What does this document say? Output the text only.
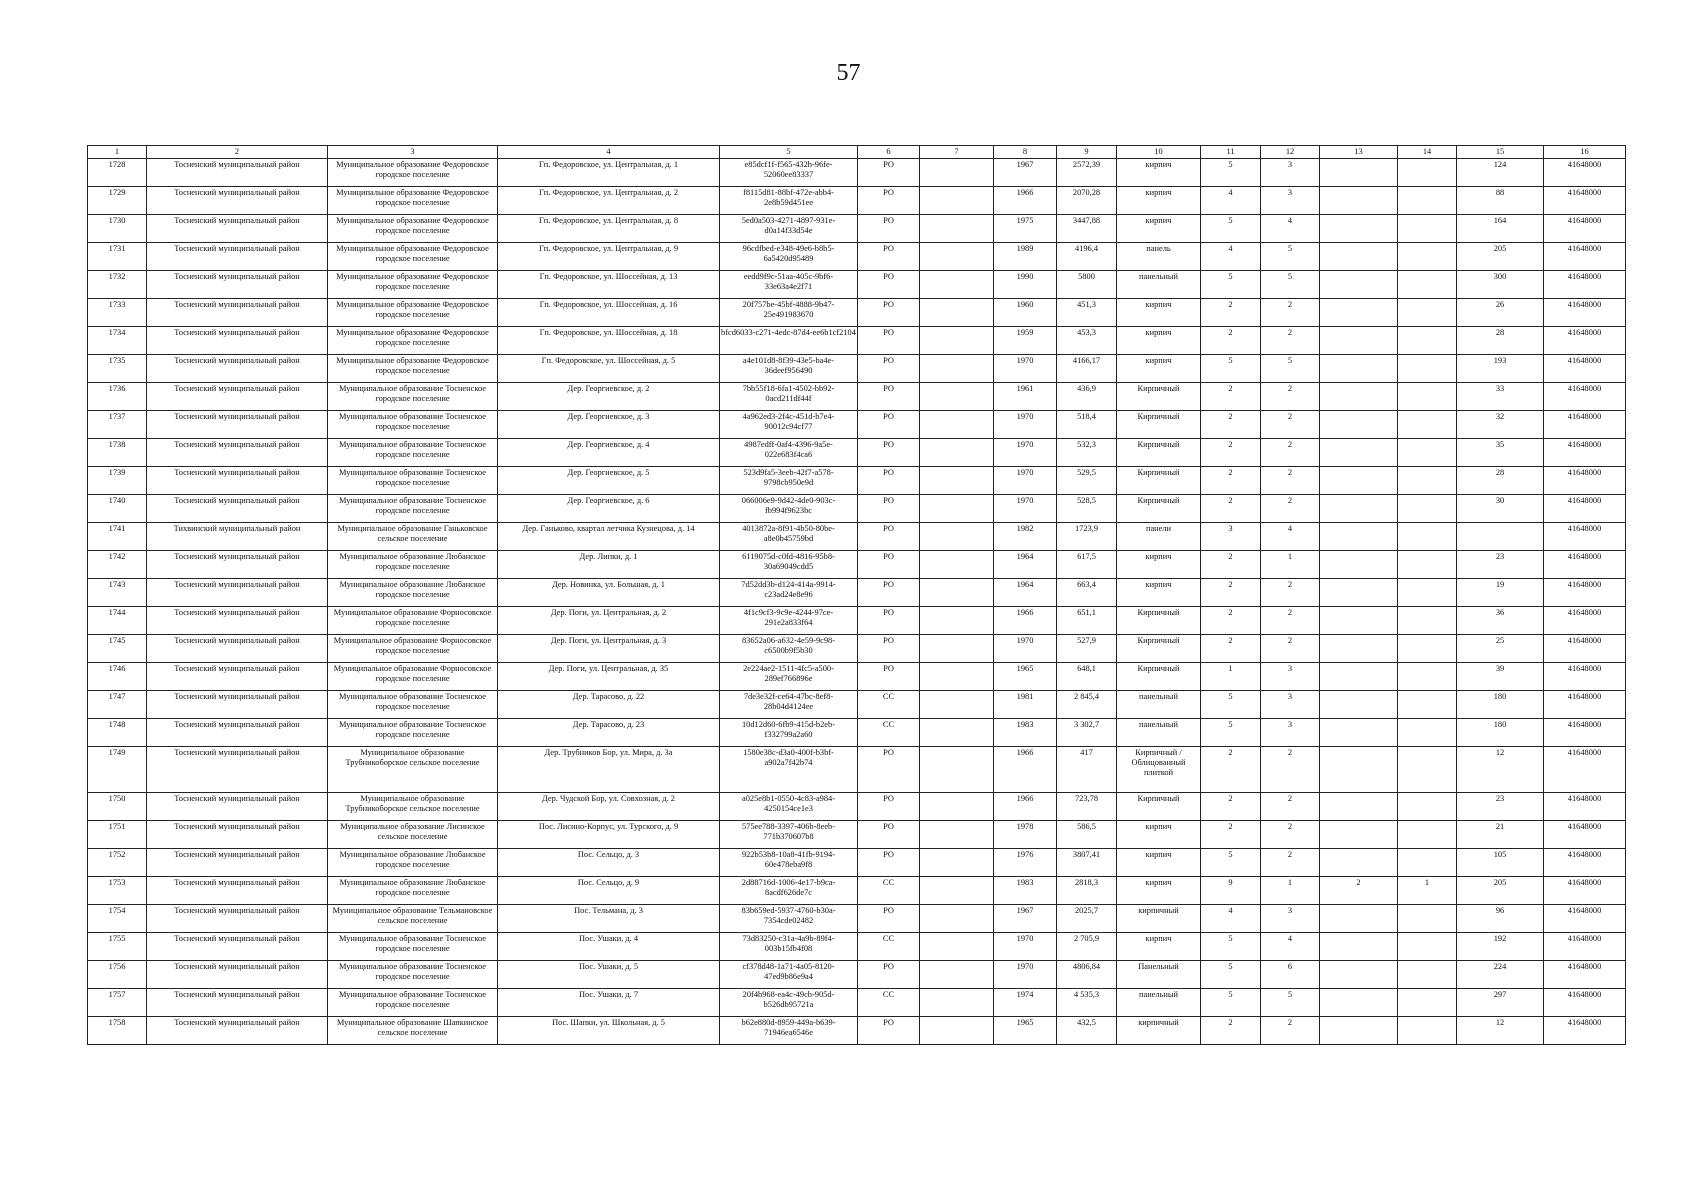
57
1	2	3	4	5	6	7	8	9	10	11	12	13	14	15	16
1728	Тосненский муниципальный район	Муниципальное образование Федоровское городское поселение	Гп. Федоровское, ул. Центральная, д. 1	e85dcf1f-f565-432b-96fe-52060ee83337	РО		1967	2572,39	кирпич	5	3			124	41648000
1729	Тосненский муниципальный район	Муниципальное образование Федоровское городское поселение	Гп. Федоровское, ул. Центральная, д. 2	f8115d81-88bf-472e-abb4-2e8b59d451ee	РО		1966	2070,28	кирпич	4	3			88	41648000
1730	Тосненский муниципальный район	Муниципальное образование Федоровское городское поселение	Гп. Федоровское, ул. Центральная, д. 8	5ed0a503-4271-4897-931e-d0a14f33d54e	РО		1975	3447,88	кирпич	5	4			164	41648000
1731	Тосненский муниципальный район	Муниципальное образование Федоровское городское поселение	Гп. Федоровское, ул. Центральная, д. 9	96cdfbed-e348-49e6-b8b5-6a5420d95489	РО		1989	4196,4	панель	4	5			205	41648000
1732	Тосненский муниципальный район	Муниципальное образование Федоровское городское поселение	Гп. Федоровское, ул. Шоссейная, д. 13	eedd9f9c-51aa-405c-9bf6-33e63a4e2f71	РО		1990	5800	панельный	5	5			300	41648000
1733	Тосненский муниципальный район	Муниципальное образование Федоровское городское поселение	Гп. Федоровское, ул. Шоссейная, д. 16	20f757be-45bf-4888-9b47-25e491983670	РО		1960	451,3	кирпич	2	2			26	41648000
1734	Тосненский муниципальный район	Муниципальное образование Федоровское городское поселение	Гп. Федоровское, ул. Шоссейная, д. 18	bfcd6033-c271-4edc-87d4-ee6b1cf2104	РО		1959	453,3	кирпич	2	2			28	41648000
1735	Тосненский муниципальный район	Муниципальное образование Федоровское городское поселение	Гп. Федоровское, ул. Шоссейная, д. 5	a4e101d8-8f39-43e5-ba4e-36deef956490	РО		1970	4166,17	кирпич	5	5			193	41648000
1736	Тосненский муниципальный район	Муниципальное образование Тосненское городское поселение	Дер. Георгиевское, д. 2	7bb55f18-6fa1-4502-bb92-0acd211df44f	РО		1961	436,9	Кирпичный	2	2			33	41648000
1737	Тосненский муниципальный район	Муниципальное образование Тосненское городское поселение	Дер. Георгиевское, д. 3	4a962ed3-2f4c-451d-b7e4-90012c94cf77	РО		1970	518,4	Кирпичный	2	2			32	41648000
1738	Тосненский муниципальный район	Муниципальное образование Тосненское городское поселение	Дер. Георгиевское, д. 4	4987edff-0af4-4396-9a5e-022e683f4ca6	РО		1970	532,3	Кирпичный	2	2			35	41648000
1739	Тосненский муниципальный район	Муниципальное образование Тосненское городское поселение	Дер. Георгиевское, д. 5	523d9fa5-3eeb-42f7-a578-9798cb950e9d	РО		1970	529,5	Кирпичный	2	2			28	41648000
1740	Тосненский муниципальный район	Муниципальное образование Тосненское городское поселение	Дер. Георгиевское, д. 6	066006e9-9d42-4de0-903c-fb994f9623bc	РО		1970	528,5	Кирпичный	2	2			30	41648000
1741	Тихвинский муниципальный район	Муниципальное образование Ганьковское сельское поселение	Дер. Ганьково, квартал летчика Кузнецова, д. 14	4013872a-8f91-4b50-80be-a8e0b45759bd	РО		1982	1723,9	панели	3	4				41648000
1742	Тосненский муниципальный район	Муниципальное образование Любанское городское поселение	Дер. Липки, д. 1	6119075d-c0fd-4816-95b8-30a69049cdd5	РО		1964	617,5	кирпич	2	1			23	41648000
1743	Тосненский муниципальный район	Муниципальное образование Любанское городское поселение	Дер. Новинка, ул. Большая, д. 1	7d52dd3b-d124-414a-9914-c23ad24e8e96	РО		1964	663,4	кирпич	2	2			19	41648000
1744	Тосненский муниципальный район	Муниципальное образование Форносовское городское поселение	Дер. Поги, ул. Центральная, д. 2	4f1c9cf3-9c9e-4244-97ce-291e2a833f64	РО		1966	651,1	Кирпичный	2	2			36	41648000
1745	Тосненский муниципальный район	Муниципальное образование Форносовское городское поселение	Дер. Поги, ул. Центральная, д. 3	83652a06-a632-4e59-9c98-c6500b9f5b30	РО		1970	527,9	Кирпичный	2	2			25	41648000
1746	Тосненский муниципальный район	Муниципальное образование Форносовское городское поселение	Дер. Поги, ул. Центральная, д. 35	2e224ae2-1511-4fc5-a500-289ef766896e	РО		1965	648,1	Кирпичный	1	3			39	41648000
1747	Тосненский муниципальный район	Муниципальное образование Тосненское городское поселение	Дер. Тарасово, д. 22	7de3e32f-ce64-47bc-8ef8-28b04d4124ee	СС		1981	2 845,4	панельный	5	3			180	41648000
1748	Тосненский муниципальный район	Муниципальное образование Тосненское городское поселение	Дер. Тарасово, д. 23	10d12d60-6fb9-415d-b2eb-f332799a2a60	СС		1983	3 302,7	панельный	5	3			180	41648000
1749	Тосненский муниципальный район	Муниципальное образование Трубникоборское сельское поселение	Дер. Трубников Бор, ул. Мира, д. 3а	1580e38c-d3a0-400f-b3bf-a902a7f42b74	РО		1966	417	Кирпичный / Облицованный плиткой	2	2			12	41648000
1750	Тосненский муниципальный район	Муниципальное образование Трубникоборское сельское поселение	Дер. Чудской Бор, ул. Совхозная, д. 2	a025e8b1-0550-4c83-a984-4250154ce1e3	РО		1966	723,78	Кирпичный	2	2			23	41648000
1751	Тосненский муниципальный район	Муниципальное образование Лисинское сельское поселение	Пос. Лисино-Корпус, ул. Турского, д. 9	575ee788-3397-406b-8eeb-771b370607b8	РО		1978	586,5	кирпич	2	2			21	41648000
1752	Тосненский муниципальный район	Муниципальное образование Любанское городское поселение	Пос. Сельцо, д. 3	922b53b8-10a8-41fb-9194-60e478eba9f8	РО		1976	3807,41	кирпич	5	2			105	41648000
1753	Тосненский муниципальный район	Муниципальное образование Любанское городское поселение	Пос. Сельцо, д. 9	2d88716d-1006-4e17-b9ca-8acdf626de7c	СС		1983	2818,3	кирпич	9	1	2	1	205	41648000
1754	Тосненский муниципальный район	Муниципальное образование Тельмановское сельское поселение	Пос. Тельмана, д. 3	83b659ed-5937-4760-b30a-7354cde02482	РО		1967	2025,7	кирпичный	4	3			96	41648000
1755	Тосненский муниципальный район	Муниципальное образование Тосненское городское поселение	Пос. Ушаки, д. 4	73d83250-c31a-4a9b-89f4-003b15fb4f08	СС		1970	2 705,9	кирпич	5	4			192	41648000
1756	Тосненский муниципальный район	Муниципальное образование Тосненское городское поселение	Пос. Ушаки, д. 5	cf378d48-1a71-4a05-8120-47ed9b86e9a4	РО		1970	4806,84	Панельный	5	6			224	41648000
1757	Тосненский муниципальный район	Муниципальное образование Тосненское городское поселение	Пос. Ушаки, д. 7	20f4b968-ea4c-49cb-905d-b526db95721a	СС		1974	4 535,3	панельный	5	5			297	41648000
1758	Тосненский муниципальный район	Муниципальное образование Шапкинское сельское поселение	Пос. Шапки, ул. Школьная, д. 5	b62e880d-8959-449a-b639-71946ea6546e	РО		1965	432,5	кирпичный	2	2			12	41648000
